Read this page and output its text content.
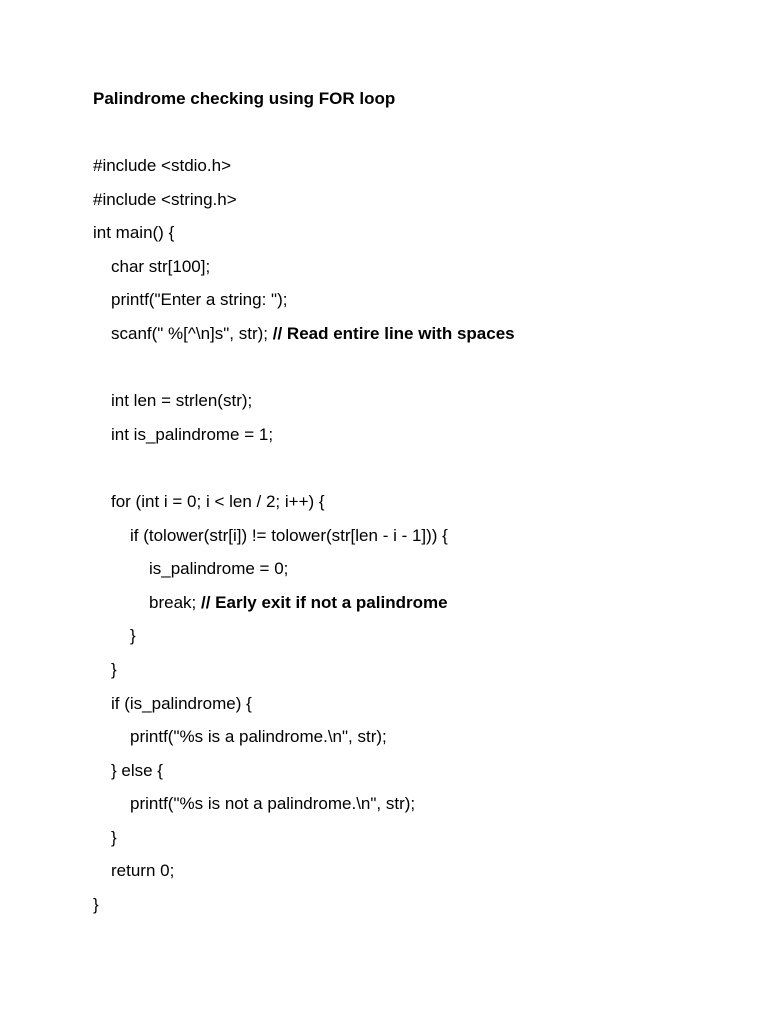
Palindrome checking using FOR loop
#include <stdio.h>
#include <string.h>
int main() {
char str[100];
printf("Enter a string: ");
scanf(" %[^\n]s", str); // Read entire line with spaces
int len = strlen(str);
int is_palindrome = 1;
for (int i = 0; i < len / 2; i++) {
if (tolower(str[i]) != tolower(str[len - i - 1])) {
is_palindrome = 0;
break; // Early exit if not a palindrome
}
}
if (is_palindrome) {
printf("%s is a palindrome.\n", str);
} else {
printf("%s is not a palindrome.\n", str);
}
return 0;
}
